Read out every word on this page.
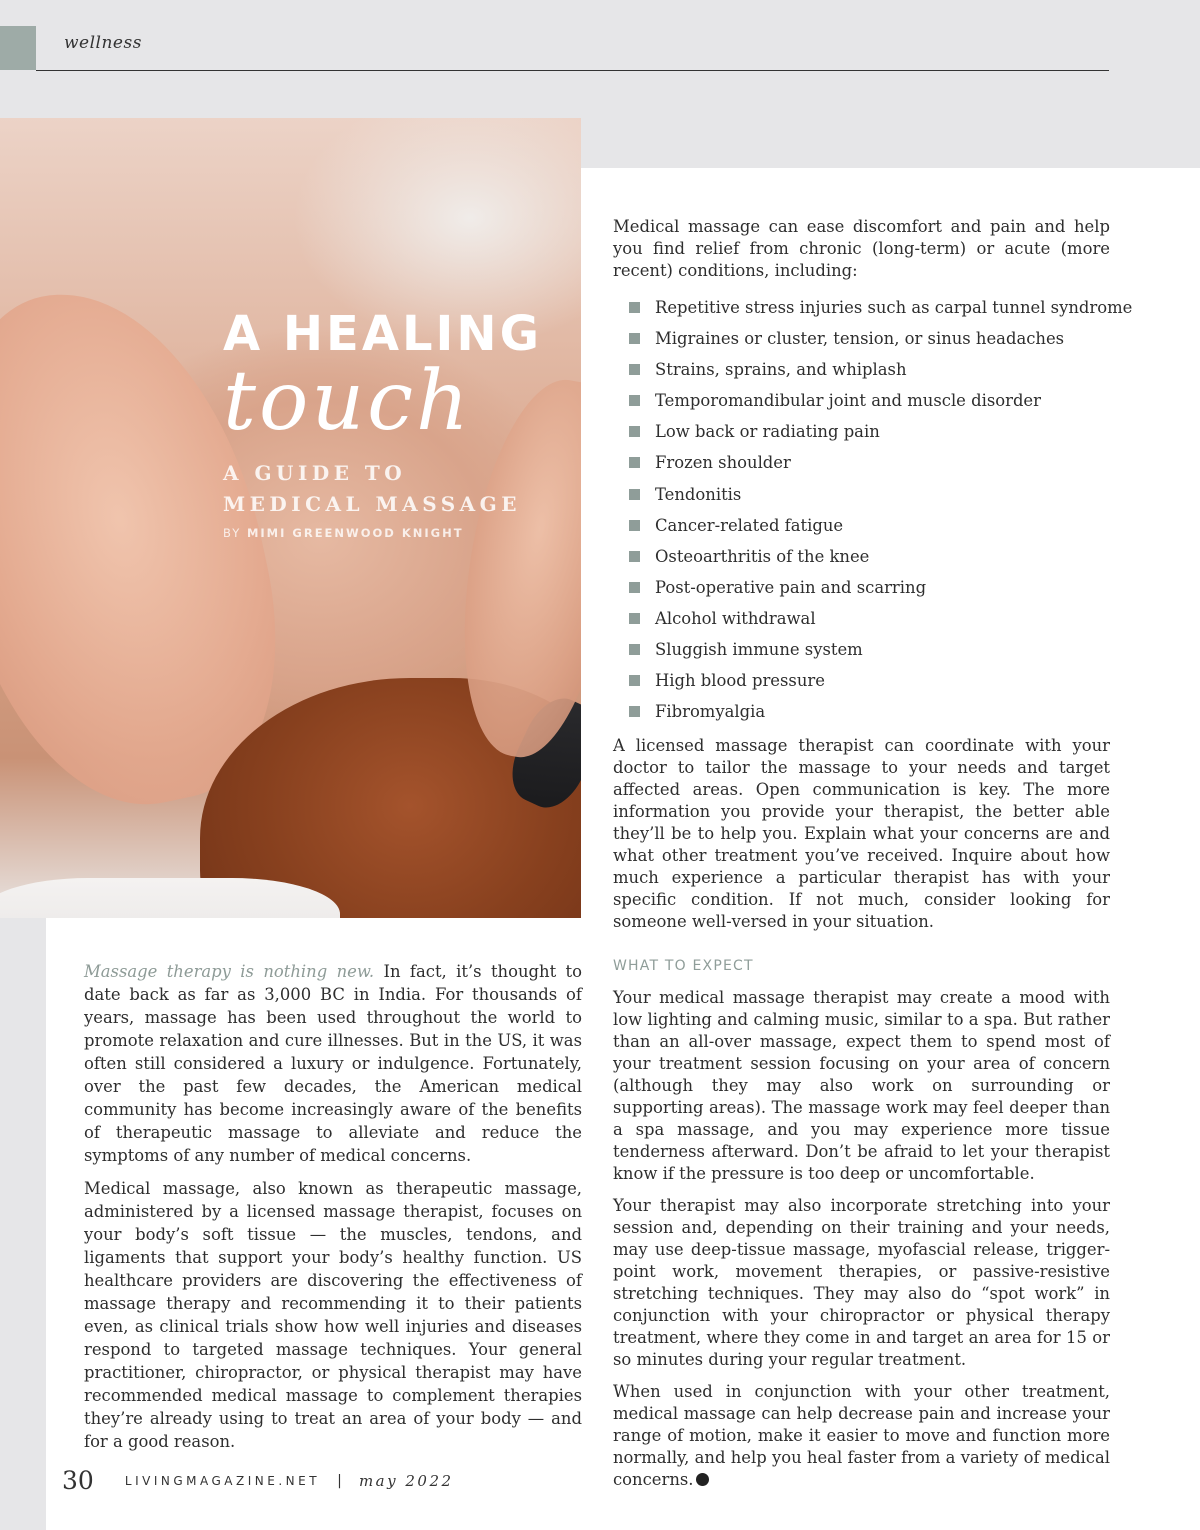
wellness
A HEALING
touch
A GUIDE TO MEDICAL MASSAGE
BY MIMI GREENWOOD KNIGHT

Massage therapy is nothing new. In fact, it’s thought to date back as far as 3,000 BC in India. For thousands of years, massage has been used throughout the world to promote relaxation and cure illnesses. But in the US, it was often still considered a luxury or indulgence. Fortunately, over the past few decades, the American medical community has become increasingly aware of the benefits of therapeutic massage to alleviate and reduce the symptoms of any number of medical concerns.

Medical massage, also known as therapeutic massage, administered by a licensed massage therapist, focuses on your body’s soft tissue — the muscles, tendons, and ligaments that support your body’s healthy function. US healthcare providers are discovering the effectiveness of massage therapy and recommending it to their patients even, as clinical trials show how well injuries and diseases respond to targeted massage techniques. Your general practitioner, chiropractor, or physical therapist may have recommended medical massage to complement therapies they’re already using to treat an area of your body — and for a good reason.

Medical massage can ease discomfort and pain and help you find relief from chronic (long-term) or acute (more recent) conditions, including:

Repetitive stress injuries such as carpal tunnel syndrome
Migraines or cluster, tension, or sinus headaches
Strains, sprains, and whiplash
Temporomandibular joint and muscle disorder
Low back or radiating pain
Frozen shoulder
Tendonitis
Cancer-related fatigue
Osteoarthritis of the knee
Post-operative pain and scarring
Alcohol withdrawal
Sluggish immune system
High blood pressure
Fibromyalgia

A licensed massage therapist can coordinate with your doctor to tailor the massage to your needs and target affected areas. Open communication is key. The more information you provide your therapist, the better able they’ll be to help you. Explain what your concerns are and what other treatment you’ve received. Inquire about how much experience a particular therapist has with your specific condition. If not much, consider looking for someone well-versed in your situation.

WHAT TO EXPECT

Your medical massage therapist may create a mood with low lighting and calming music, similar to a spa. But rather than an all-over massage, expect them to spend most of your treatment session focusing on your area of concern (although they may also work on surrounding or supporting areas). The massage work may feel deeper than a spa massage, and you may experience more tissue tenderness afterward. Don’t be afraid to let your therapist know if the pressure is too deep or uncomfortable.

Your therapist may also incorporate stretching into your session and, depending on their training and your needs, may use deep-tissue massage, myofascial release, trigger-point work, movement therapies, or passive-resistive stretching techniques. They may also do “spot work” in conjunction with your chiropractor or physical therapy treatment, where they come in and target an area for 15 or so minutes during your regular treatment.

When used in conjunction with your other treatment, medical massage can help decrease pain and increase your range of motion, make it easier to move and function more normally, and help you heal faster from a variety of medical concerns.

30	LIVINGMAGAZINE.NET | may 2022
